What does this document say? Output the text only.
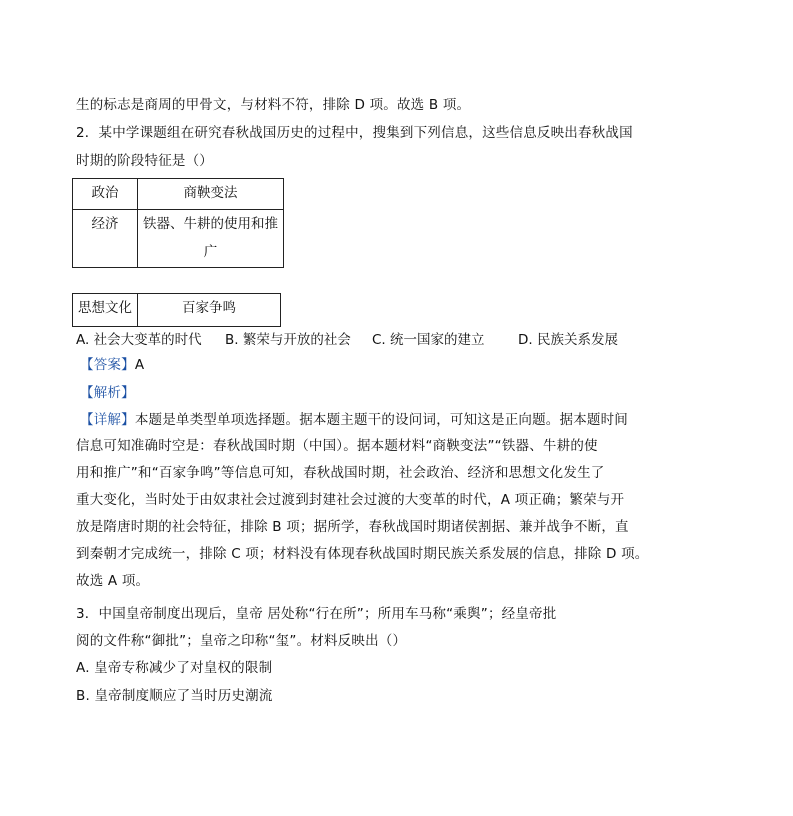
生的标志是商周的甲骨文，与材料不符，排除 D 项。故选 B 项。
2．某中学课题组在研究春秋战国历史的过程中，搜集到下列信息，这些信息反映出春秋战国
时期的阶段特征是（）
政治	商鞅变法
经济	铁器、牛耕的使用和推
广
思想文化	百家争鸣
A. 社会大变革的时代 B. 繁荣与开放的社会 C. 统一国家的建立 D. 民族关系发展
【答案】A
【解析】
【详解】本题是单类型单项选择题。据本题主题干的设问词，可知这是正向题。据本题时间
信息可知准确时空是：春秋战国时期（中国）。据本题材料“商鞅变法”“铁器、牛耕的使
用和推广”和“百家争鸣”等信息可知，春秋战国时期，社会政治、经济和思想文化发生了
重大变化，当时处于由奴隶社会过渡到封建社会过渡的大变革的时代，A 项正确；繁荣与开
放是隋唐时期的社会特征，排除 B 项；据所学，春秋战国时期诸侯割据、兼并战争不断，直
到秦朝才完成统一，排除 C 项；材料没有体现春秋战国时期民族关系发展的信息，排除 D 项。
故选 A 项。
3．中国皇帝制度出现后，皇帝 居处称“行在所”；所用车马称“乘舆”；经皇帝批
阅的文件称“御批”；皇帝之印称“玺”。材料反映出（）
A. 皇帝专称减少了对皇权的限制
B. 皇帝制度顺应了当时历史潮流
